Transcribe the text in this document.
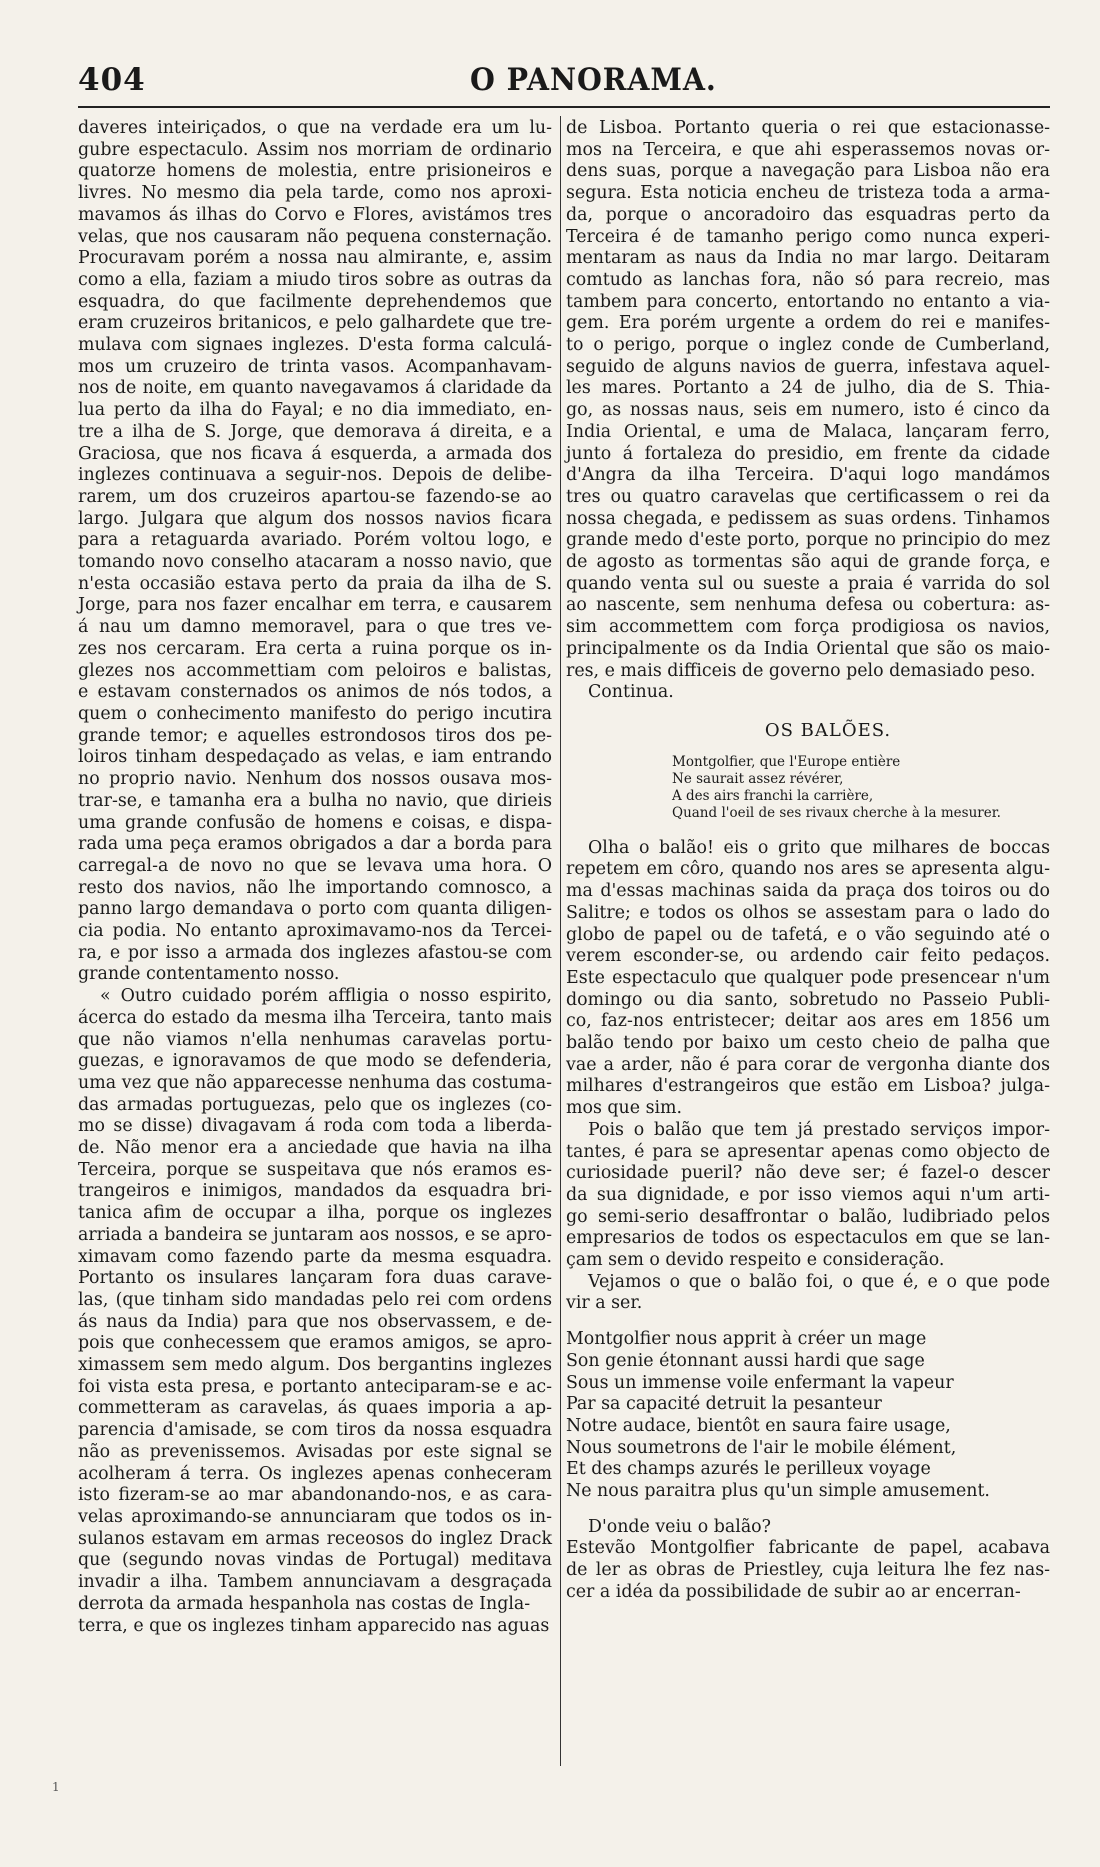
404	O PANORAMA.
daveres inteiriçados, o que na verdade era um lu-
gubre espectaculo. Assim nos morriam de ordinario
quatorze homens de molestia, entre prisioneiros e
livres. No mesmo dia pela tarde, como nos aproxi-
mavamos ás ilhas do Corvo e Flores, avistámos tres
velas, que nos causaram não pequena consternação.
Procuravam porém a nossa nau almirante, e, assim
como a ella, faziam a miudo tiros sobre as outras da
esquadra, do que facilmente deprehendemos que
eram cruzeiros britanicos, e pelo galhardete que tre-
mulava com signaes inglezes. D'esta forma calculá-
mos um cruzeiro de trinta vasos. Acompanhavam-
nos de noite, em quanto navegavamos á claridade da
lua perto da ilha do Fayal; e no dia immediato, en-
tre a ilha de S. Jorge, que demorava á direita, e a
Graciosa, que nos ficava á esquerda, a armada dos
inglezes continuava a seguir-nos. Depois de delibe-
rarem, um dos cruzeiros apartou-se fazendo-se ao
largo. Julgara que algum dos nossos navios ficara
para a retaguarda avariado. Porém voltou logo, e
tomando novo conselho atacaram a nosso navio, que
n'esta occasião estava perto da praia da ilha de S.
Jorge, para nos fazer encalhar em terra, e causarem
á nau um damno memoravel, para o que tres ve-
zes nos cercaram. Era certa a ruina porque os in-
glezes nos accommettiam com peloiros e balistas,
e estavam consternados os animos de nós todos, a
quem o conhecimento manifesto do perigo incutira
grande temor; e aquelles estrondosos tiros dos pe-
loiros tinham despedaçado as velas, e iam entrando
no proprio navio. Nenhum dos nossos ousava mos-
trar-se, e tamanha era a bulha no navio, que dirieis
uma grande confusão de homens e coisas, e dispa-
rada uma peça eramos obrigados a dar a borda para
carregal-a de novo no que se levava uma hora. O
resto dos navios, não lhe importando comnosco, a
panno largo demandava o porto com quanta diligen-
cia podia. No entanto aproximavamo-nos da Tercei-
ra, e por isso a armada dos inglezes afastou-se com
grande contentamento nosso.
« Outro cuidado porém affligia o nosso espirito,
ácerca do estado da mesma ilha Terceira, tanto mais
que não viamos n'ella nenhumas caravelas portu-
guezas, e ignoravamos de que modo se defenderia,
uma vez que não apparecesse nenhuma das costuma-
das armadas portuguezas, pelo que os inglezes (co-
mo se disse) divagavam á roda com toda a liberda-
de. Não menor era a anciedade que havia na ilha
Terceira, porque se suspeitava que nós eramos es-
trangeiros e inimigos, mandados da esquadra bri-
tanica afim de occupar a ilha, porque os inglezes
arriada a bandeira se juntaram aos nossos, e se apro-
ximavam como fazendo parte da mesma esquadra.
Portanto os insulares lançaram fora duas carave-
las, (que tinham sido mandadas pelo rei com ordens
ás naus da India) para que nos observassem, e de-
pois que conhecessem que eramos amigos, se apro-
ximassem sem medo algum. Dos bergantins inglezes
foi vista esta presa, e portanto anteciparam-se e ac-
commetteram as caravelas, ás quaes imporia a ap-
parencia d'amisade, se com tiros da nossa esquadra
não as prevenissemos. Avisadas por este signal se
acolheram á terra. Os inglezes apenas conheceram
isto fizeram-se ao mar abandonando-nos, e as cara-
velas aproximando-se annunciaram que todos os in-
sulanos estavam em armas receosos do inglez Drack
que (segundo novas vindas de Portugal) meditava
invadir a ilha. Tambem annunciavam a desgraçada
derrota da armada hespanhola nas costas de Ingla-
terra, e que os inglezes tinham apparecido nas aguas
de Lisboa. Portanto queria o rei que estacionasse-
mos na Terceira, e que ahi esperassemos novas or-
dens suas, porque a navegação para Lisboa não era
segura. Esta noticia encheu de tristeza toda a arma-
da, porque o ancoradoiro das esquadras perto da
Terceira é de tamanho perigo como nunca experi-
mentaram as naus da India no mar largo. Deitaram
comtudo as lanchas fora, não só para recreio, mas
tambem para concerto, entortando no entanto a via-
gem. Era porém urgente a ordem do rei e manifes-
to o perigo, porque o inglez conde de Cumberland,
seguido de alguns navios de guerra, infestava aquel-
les mares. Portanto a 24 de julho, dia de S. Thia-
go, as nossas naus, seis em numero, isto é cinco da
India Oriental, e uma de Malaca, lançaram ferro,
junto á fortaleza do presidio, em frente da cidade
d'Angra da ilha Terceira. D'aqui logo mandámos
tres ou quatro caravelas que certificassem o rei da
nossa chegada, e pedissem as suas ordens. Tinhamos
grande medo d'este porto, porque no principio do mez
de agosto as tormentas são aqui de grande força, e
quando venta sul ou sueste a praia é varrida do sol
ao nascente, sem nenhuma defesa ou cobertura: as-
sim accommettem com força prodigiosa os navios,
principalmente os da India Oriental que são os maio-
res, e mais difficeis de governo pelo demasiado peso.
Continua.
OS BALÕES.
Montgolfier, que l'Europe entière
Ne saurait assez révérer,
A des airs franchi la carrière,
Quand l'oeil de ses rivaux cherche à la mesurer.
Olha o balão! eis o grito que milhares de boccas
repetem em côro, quando nos ares se apresenta algu-
ma d'essas machinas saida da praça dos toiros ou do
Salitre; e todos os olhos se assestam para o lado do
globo de papel ou de tafetá, e o vão seguindo até o
verem esconder-se, ou ardendo cair feito pedaços.
Este espectaculo que qualquer pode presencear n'um
domingo ou dia santo, sobretudo no Passeio Publi-
co, faz-nos entristecer; deitar aos ares em 1856 um
balão tendo por baixo um cesto cheio de palha que
vae a arder, não é para corar de vergonha diante dos
milhares d'estrangeiros que estão em Lisboa? julga-
mos que sim.
Pois o balão que tem já prestado serviços impor-
tantes, é para se apresentar apenas como objecto de
curiosidade pueril? não deve ser; é fazel-o descer
da sua dignidade, e por isso viemos aqui n'um arti-
go semi-serio desaffrontar o balão, ludibriado pelos
empresarios de todos os espectaculos em que se lan-
çam sem o devido respeito e consideração.
Vejamos o que o balão foi, o que é, e o que pode
vir a ser.
Montgolfier nous apprit à créer un mage
Son genie étonnant aussi hardi que sage
Sous un immense voile enfermant la vapeur
Par sa capacité detruit la pesanteur
Notre audace, bientôt en saura faire usage,
Nous soumetrons de l'air le mobile élément,
Et des champs azurés le perilleux voyage
Ne nous paraitra plus qu'un simple amusement.
D'onde veiu o balão?
Estevão Montgolfier fabricante de papel, acabava
de ler as obras de Priestley, cuja leitura lhe fez nas-
cer a idéa da possibilidade de subir ao ar encerran-
1
